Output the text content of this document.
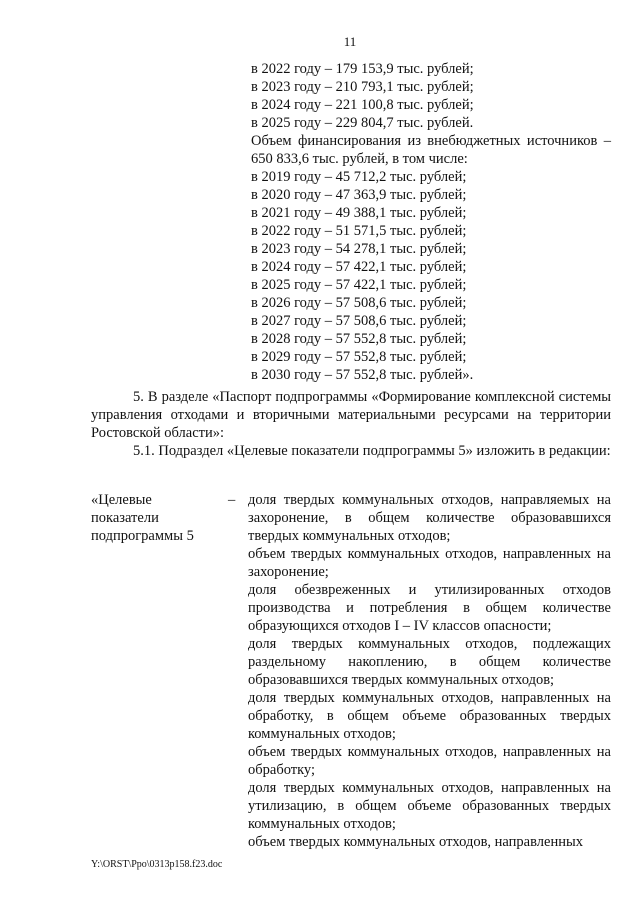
11
в 2022 году – 179 153,9 тыс. рублей;
в 2023 году – 210 793,1 тыс. рублей;
в 2024 году – 221 100,8 тыс. рублей;
в 2025 году – 229 804,7 тыс. рублей.
Объем финансирования из внебюджетных источников –
650 833,6 тыс. рублей, в том числе:
в 2019 году – 45 712,2 тыс. рублей;
в 2020 году – 47 363,9 тыс. рублей;
в 2021 году – 49 388,1 тыс. рублей;
в 2022 году – 51 571,5 тыс. рублей;
в 2023 году – 54 278,1 тыс. рублей;
в 2024 году – 57 422,1 тыс. рублей;
в 2025 году – 57 422,1 тыс. рублей;
в 2026 году – 57 508,6 тыс. рублей;
в 2027 году – 57 508,6 тыс. рублей;
в 2028 году – 57 552,8 тыс. рублей;
в 2029 году – 57 552,8 тыс. рублей;
в 2030 году – 57 552,8 тыс. рублей».

5. В разделе «Паспорт подпрограммы «Формирование комплексной системы управления отходами и вторичными материальными ресурсами на территории Ростовской области»:

5.1. Подраздел «Целевые показатели подпрограммы 5» изложить в редакции:

«Целевые показатели подпрограммы 5
– доля твердых коммунальных отходов, направляемых на захоронение, в общем количестве образовавшихся твердых коммунальных отходов;

объем твердых коммунальных отходов, направленных на захоронение;

доля обезвреженных и утилизированных отходов производства и потребления в общем количестве образующихся отходов I – IV классов опасности;

доля твердых коммунальных отходов, подлежащих раздельному накоплению, в общем количестве образовавшихся твердых коммунальных отходов;

доля твердых коммунальных отходов, направленных на обработку, в общем объеме образованных твердых коммунальных отходов;

объем твердых коммунальных отходов, направленных на обработку;

доля твердых коммунальных отходов, направленных на утилизацию, в общем объеме образованных твердых коммунальных отходов;

объем твердых коммунальных отходов, направленных

Y:\ORST\Ppo\0313p158.f23.doc
